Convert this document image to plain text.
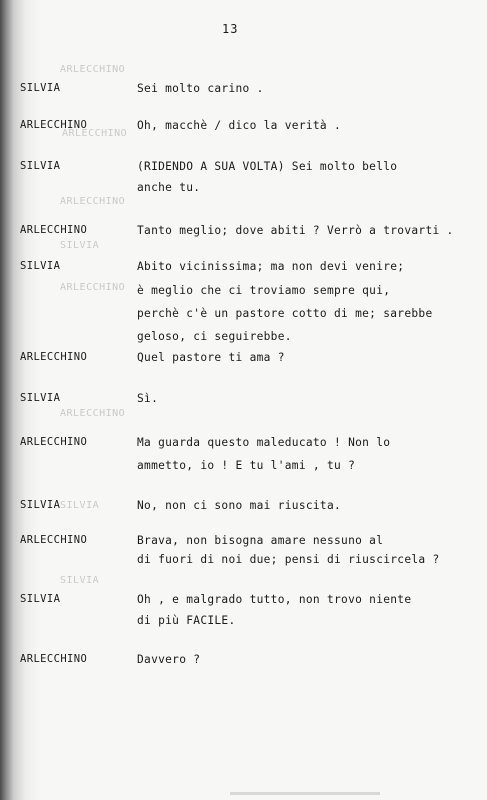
ARLECCHINO
ARLECCHINO
ARLECCHINO
SILVIA
ARLECCHINO
ARLECCHINO
SILVIA
SILVIA
13
SILVIA	Sei molto carino .
ARLECCHINO	Oh, macchè / dico la verità .
SILVIA	(RIDENDO A SUA VOLTA) Sei molto bello
anche tu.
ARLECCHINO	Tanto meglio; dove abiti ? Verrò a trovarti .
SILVIA	Abito vicinissima; ma non devi venire;
è meglio che ci troviamo sempre qui,
perchè c'è un pastore cotto di me; sarebbe
geloso, ci seguirebbe.
ARLECCHINO	Quel pastore ti ama ?
SILVIA	Sì.
ARLECCHINO	Ma guarda questo maleducato ! Non lo
ammetto, io ! E tu l'ami , tu ?
SILVIA	No, non ci sono mai riuscita.
ARLECCHINO	Brava, non bisogna amare nessuno al
di fuori di noi due; pensi di riuscircela ?
SILVIA	Oh , e malgrado tutto, non trovo niente
di più FACILE.
ARLECCHINO	Davvero ?
